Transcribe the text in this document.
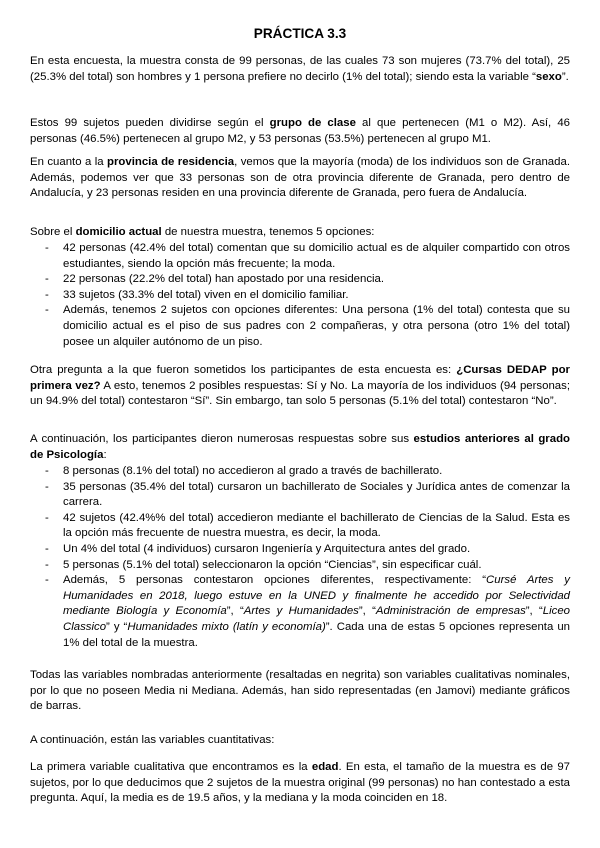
PRÁCTICA 3.3

En esta encuesta, la muestra consta de 99 personas, de las cuales 73 son mujeres (73.7% del total), 25 (25.3% del total) son hombres y 1 persona prefiere no decirlo (1% del total); siendo esta la variable “sexo”.

Estos 99 sujetos pueden dividirse según el grupo de clase al que pertenecen (M1 o M2). Así, 46 personas (46.5%) pertenecen al grupo M2, y 53 personas (53.5%) pertenecen al grupo M1.

En cuanto a la provincia de residencia, vemos que la mayoría (moda) de los individuos son de Granada. Además, podemos ver que 33 personas son de otra provincia diferente de Granada, pero dentro de Andalucía, y 23 personas residen en una provincia diferente de Granada, pero fuera de Andalucía.

Sobre el domicilio actual de nuestra muestra, tenemos 5 opciones:

- 42 personas (42.4% del total) comentan que su domicilio actual es de alquiler compartido con otros estudiantes, siendo la opción más frecuente; la moda.
- 22 personas (22.2% del total) han apostado por una residencia.
- 33 sujetos (33.3% del total) viven en el domicilio familiar.
- Además, tenemos 2 sujetos con opciones diferentes: Una persona (1% del total) contesta que su domicilio actual es el piso de sus padres con 2 compañeras, y otra persona (otro 1% del total) posee un alquiler autónomo de un piso.

Otra pregunta a la que fueron sometidos los participantes de esta encuesta es: ¿Cursas DEDAP por primera vez? A esto, tenemos 2 posibles respuestas: Sí y No. La mayoría de los individuos (94 personas; un 94.9% del total) contestaron “Sí”. Sin embargo, tan solo 5 personas (5.1% del total) contestaron “No”.

A continuación, los participantes dieron numerosas respuestas sobre sus estudios anteriores al grado de Psicología:

- 8 personas (8.1% del total) no accedieron al grado a través de bachillerato.
- 35 personas (35.4% del total) cursaron un bachillerato de Sociales y Jurídica antes de comenzar la carrera.
- 42 sujetos (42.4%% del total) accedieron mediante el bachillerato de Ciencias de la Salud. Esta es la opción más frecuente de nuestra muestra, es decir, la moda.
- Un 4% del total (4 individuos) cursaron Ingeniería y Arquitectura antes del grado.
- 5 personas (5.1% del total) seleccionaron la opción “Ciencias”, sin especificar cuál.
- Además, 5 personas contestaron opciones diferentes, respectivamente: “Cursé Artes y Humanidades en 2018, luego estuve en la UNED y finalmente he accedido por Selectividad mediante Biología y Economía”, “Artes y Humanidades”, “Administración de empresas”, “Liceo Classico” y “Humanidades mixto (latín y economía)”. Cada una de estas 5 opciones representa un 1% del total de la muestra.

Todas las variables nombradas anteriormente (resaltadas en negrita) son variables cualitativas nominales, por lo que no poseen Media ni Mediana. Además, han sido representadas (en Jamovi) mediante gráficos de barras.

A continuación, están las variables cuantitativas:

La primera variable cualitativa que encontramos es la edad. En esta, el tamaño de la muestra es de 97 sujetos, por lo que deducimos que 2 sujetos de la muestra original (99 personas) no han contestado a esta pregunta. Aquí, la media es de 19.5 años, y la mediana y la moda coinciden en 18.
